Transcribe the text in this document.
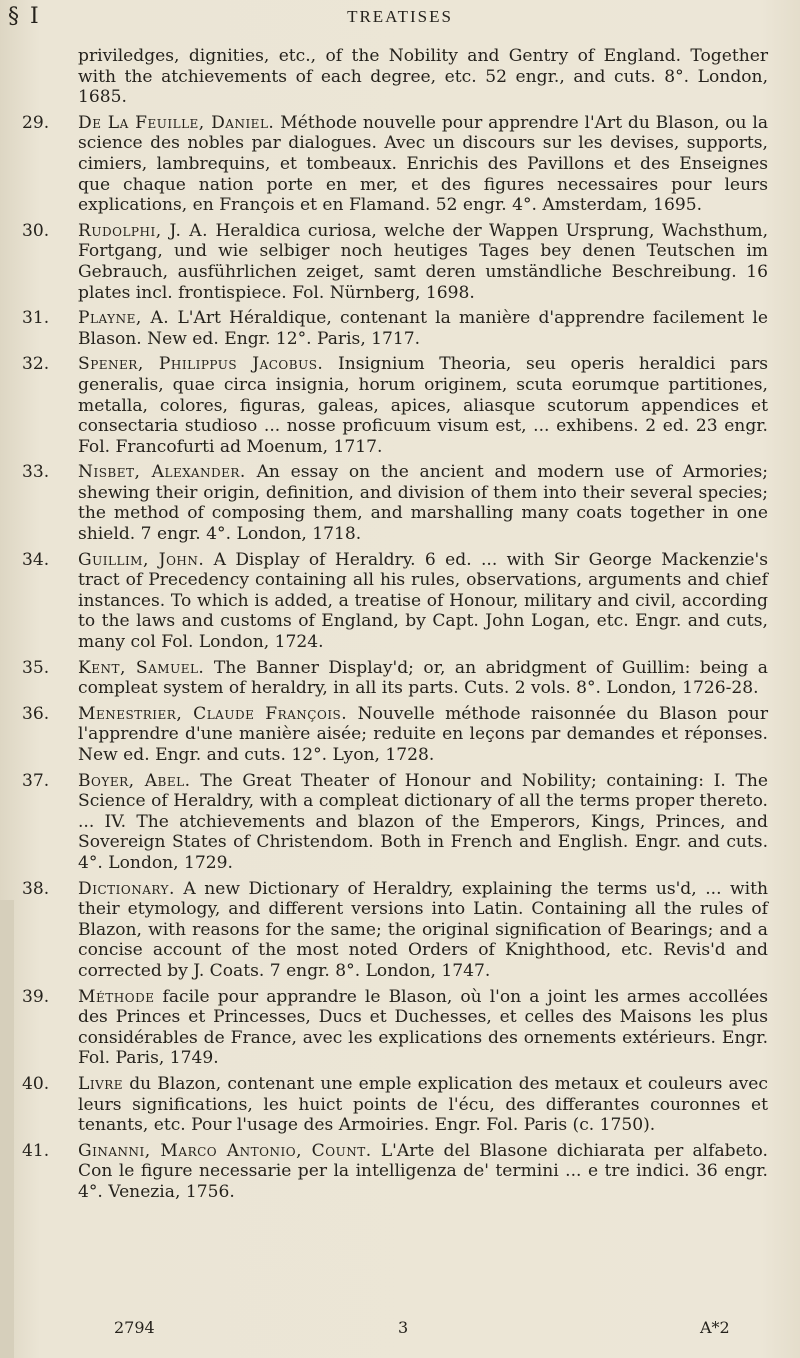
§ I	TREATISES
priviledges, dignities, etc., of the Nobility and Gentry of England. Together with the atchievements of each degree, etc. 52 engr., and cuts. 8°. London, 1685.
29.	De La Feuille, Daniel. Méthode nouvelle pour apprendre l'Art du Blason, ou la science des nobles par dialogues. Avec un discours sur les devises, supports, cimiers, lambrequins, et tombeaux. Enrichis des Pavillons et des Enseignes que chaque nation porte en mer, et des figures necessaires pour leurs explications, en François et en Flamand. 52 engr. 4°. Amsterdam, 1695.
30.	Rudolphi, J. A. Heraldica curiosa, welche der Wappen Ursprung, Wachsthum, Fortgang, und wie selbiger noch heutiges Tages bey denen Teutschen im Gebrauch, ausführlichen zeiget, samt deren umständliche Beschreibung. 16 plates incl. frontispiece. Fol. Nürnberg, 1698.
31.	Playne, A. L'Art Héraldique, contenant la manière d'apprendre facilement le Blason. New ed. Engr. 12°. Paris, 1717.
32.	Spener, Philippus Jacobus. Insignium Theoria, seu operis heraldici pars generalis, quae circa insignia, horum originem, scuta eorumque partitiones, metalla, colores, figuras, galeas, apices, aliasque scutorum appendices et consectaria studioso ... nosse proficuum visum est, ... exhibens. 2 ed. 23 engr. Fol. Francofurti ad Moenum, 1717.
33.	Nisbet, Alexander. An essay on the ancient and modern use of Armories; shewing their origin, definition, and division of them into their several species; the method of composing them, and marshalling many coats together in one shield. 7 engr. 4°. London, 1718.
34.	Guillim, John. A Display of Heraldry. 6 ed. ... with Sir George Mackenzie's tract of Precedency containing all his rules, observations, arguments and chief instances. To which is added, a treatise of Honour, military and civil, according to the laws and customs of England, by Capt. John Logan, etc. Engr. and cuts, many col Fol. London, 1724.
35.	Kent, Samuel. The Banner Display'd; or, an abridgment of Guillim: being a compleat system of heraldry, in all its parts. Cuts. 2 vols. 8°. London, 1726-28.
36.	Menestrier, Claude François. Nouvelle méthode raisonnée du Blason pour l'apprendre d'une manière aisée; reduite en leçons par demandes et réponses. New ed. Engr. and cuts. 12°. Lyon, 1728.
37.	Boyer, Abel. The Great Theater of Honour and Nobility; containing: I. The Science of Heraldry, with a compleat dictionary of all the terms proper thereto. ... IV. The atchievements and blazon of the Emperors, Kings, Princes, and Sovereign States of Christendom. Both in French and English. Engr. and cuts. 4°. London, 1729.
38.	Dictionary. A new Dictionary of Heraldry, explaining the terms us'd, ... with their etymology, and different versions into Latin. Containing all the rules of Blazon, with reasons for the same; the original signification of Bearings; and a concise account of the most noted Orders of Knighthood, etc. Revis'd and corrected by J. Coats. 7 engr. 8°. London, 1747.
39.	Méthode facile pour apprandre le Blason, où l'on a joint les armes accollées des Princes et Princesses, Ducs et Duchesses, et celles des Maisons les plus considérables de France, avec les explications des ornements extérieurs. Engr. Fol. Paris, 1749.
40.	Livre du Blazon, contenant une emple explication des metaux et couleurs avec leurs significations, les huict points de l'écu, des differantes couronnes et tenants, etc. Pour l'usage des Armoiries. Engr. Fol. Paris (c. 1750).
41.	Ginanni, Marco Antonio, Count. L'Arte del Blasone dichiarata per alfabeto. Con le figure necessarie per la intelligenza de' termini ... e tre indici. 36 engr. 4°. Venezia, 1756.
2794	3	A*2
